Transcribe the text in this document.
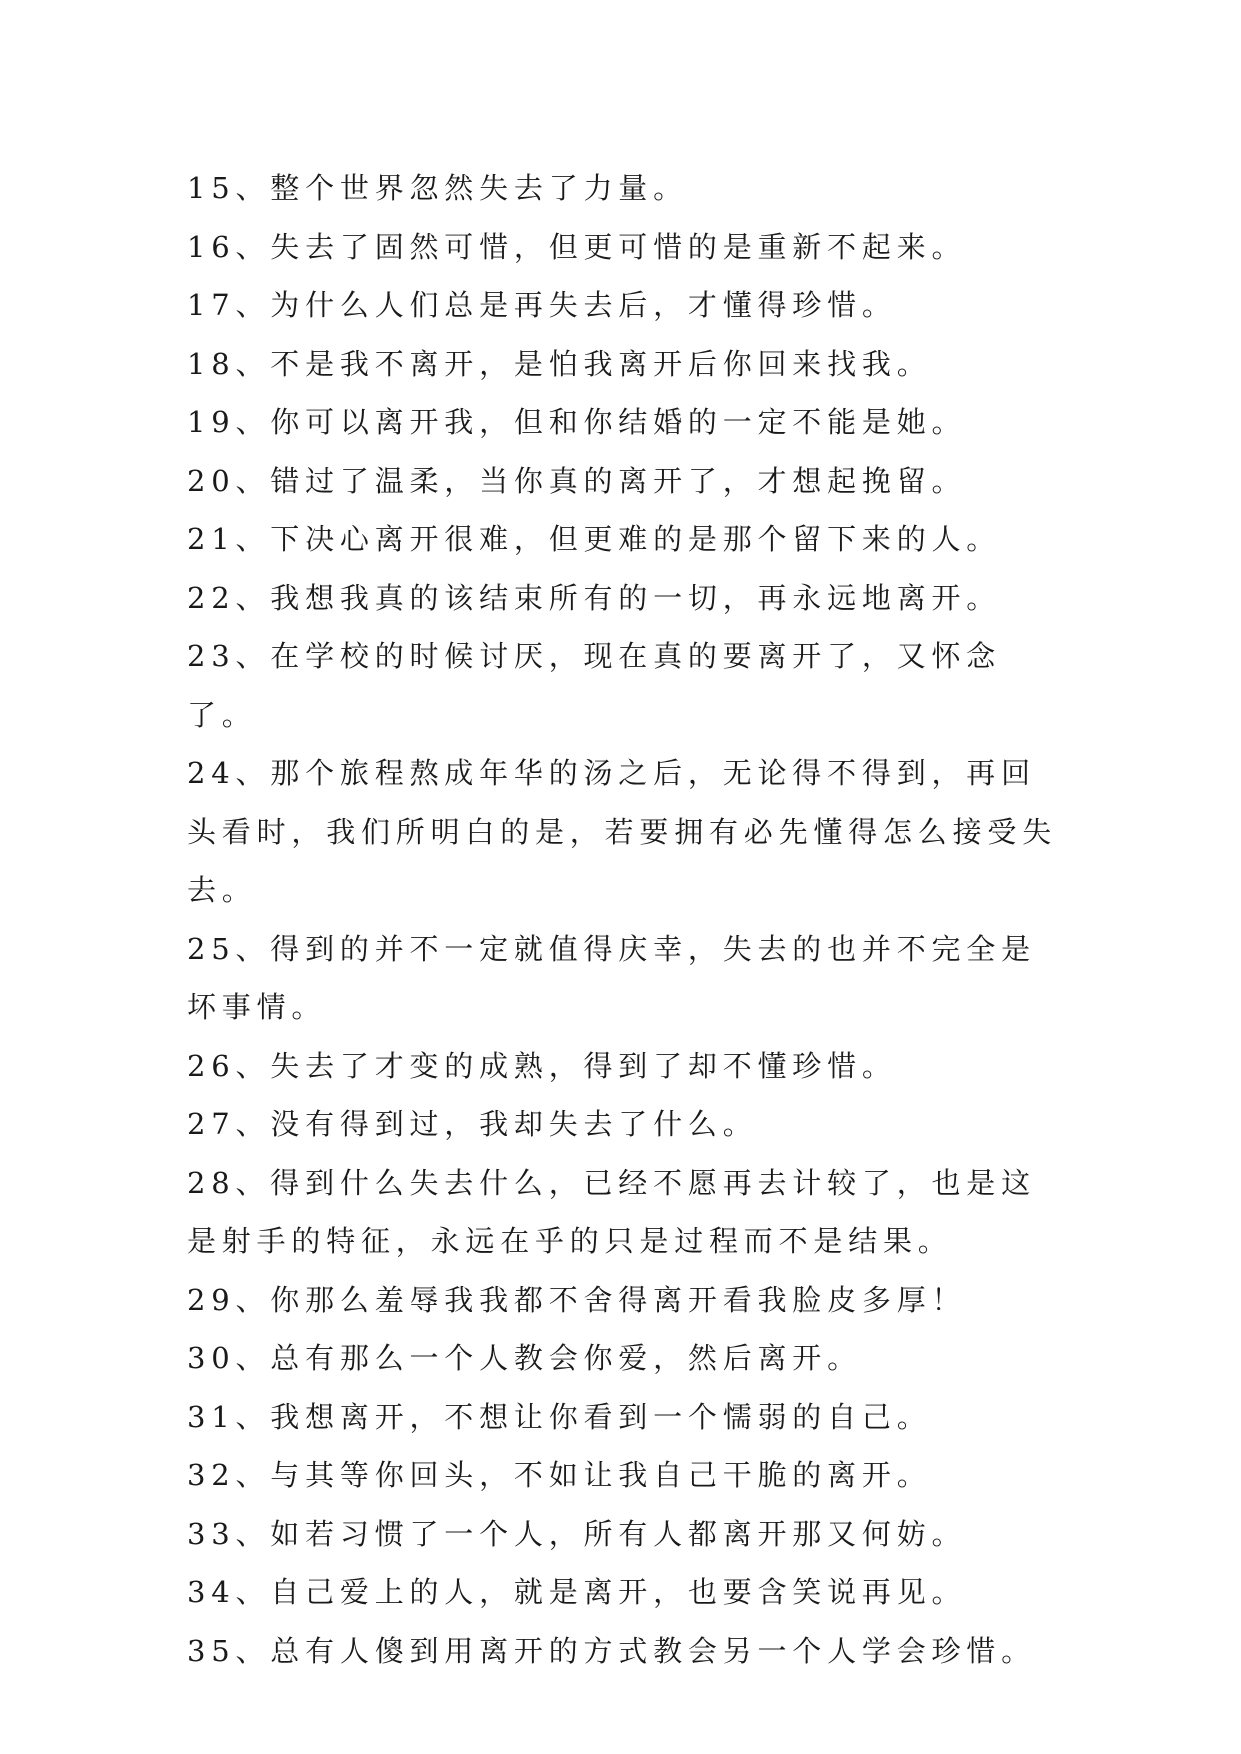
15、整个世界忽然失去了力量。
16、失去了固然可惜，但更可惜的是重新不起来。
17、为什么人们总是再失去后，才懂得珍惜。
18、不是我不离开，是怕我离开后你回来找我。
19、你可以离开我，但和你结婚的一定不能是她。
20、错过了温柔，当你真的离开了，才想起挽留。
21、下决心离开很难，但更难的是那个留下来的人。
22、我想我真的该结束所有的一切，再永远地离开。
23、在学校的时候讨厌，现在真的要离开了，又怀念了。
24、那个旅程熬成年华的汤之后，无论得不得到，再回头看时，我们所明白的是，若要拥有必先懂得怎么接受失去。
25、得到的并不一定就值得庆幸，失去的也并不完全是坏事情。
26、失去了才变的成熟，得到了却不懂珍惜。
27、没有得到过，我却失去了什么。
28、得到什么失去什么，已经不愿再去计较了，也是这是射手的特征，永远在乎的只是过程而不是结果。
29、你那么羞辱我我都不舍得离开看我脸皮多厚！
30、总有那么一个人教会你爱，然后离开。
31、我想离开，不想让你看到一个懦弱的自己。
32、与其等你回头，不如让我自己干脆的离开。
33、如若习惯了一个人，所有人都离开那又何妨。
34、自己爱上的人，就是离开，也要含笑说再见。
35、总有人傻到用离开的方式教会另一个人学会珍惜。
